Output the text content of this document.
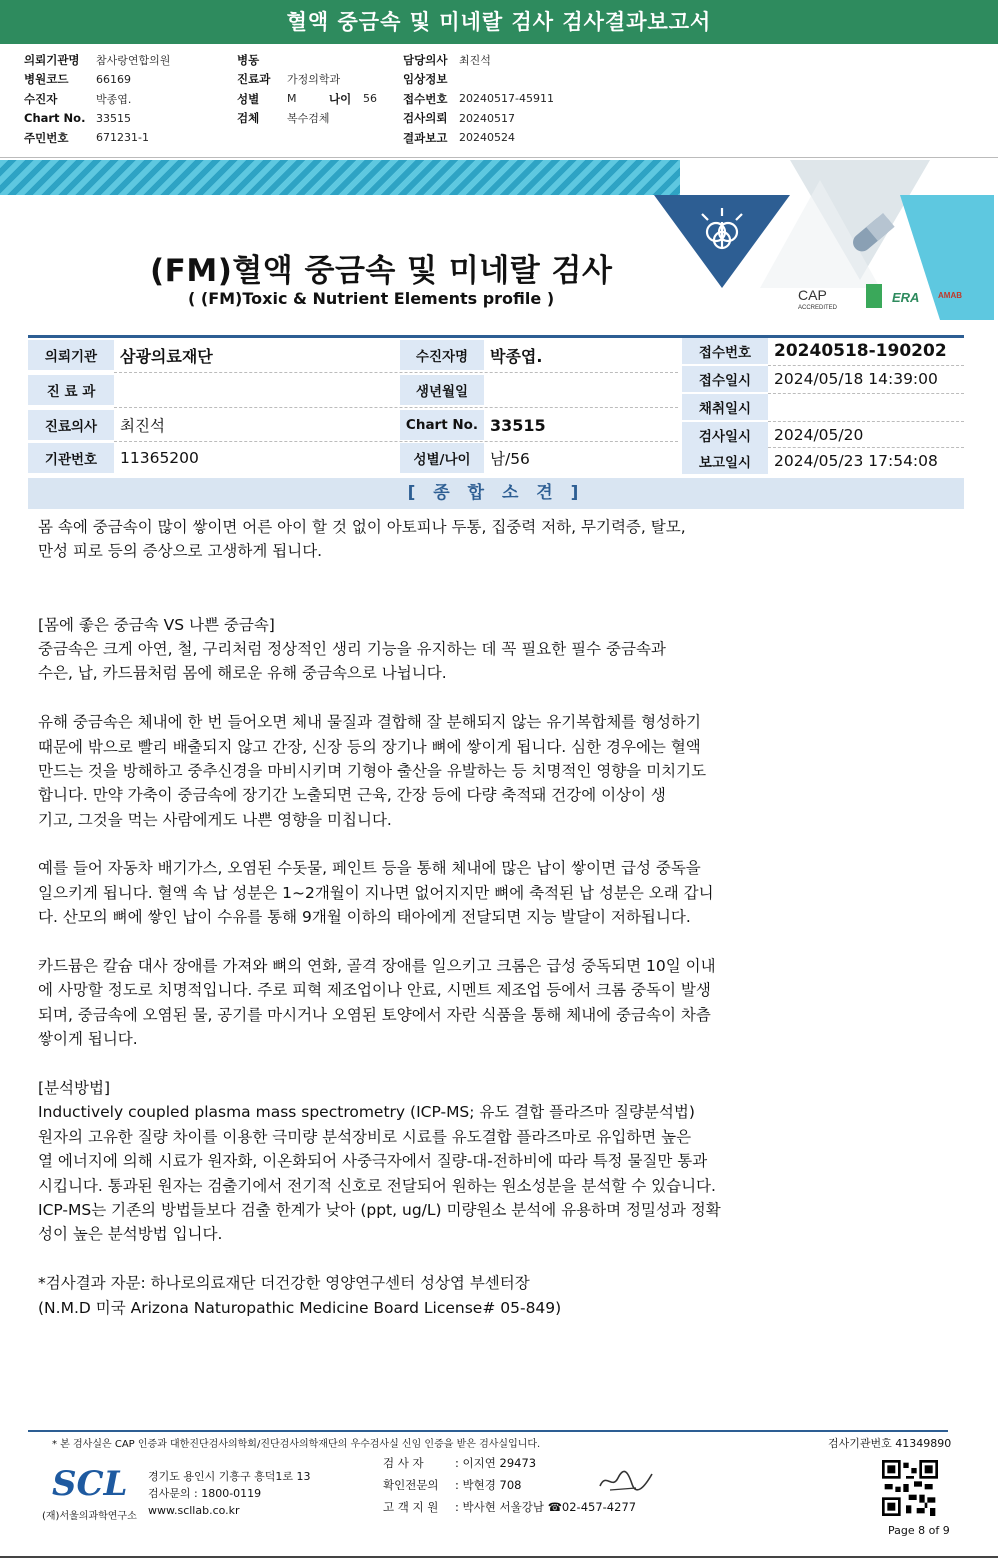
혈액 중금속 및 미네랄 검사 검사결과보고서
의뢰기관명	참사랑연합의원
병원코드	66169
수진자	박종엽.
Chart No. 33515
주민번호	671231-1
병동
진료과	가정의학과
성별	M	나이	56
검체	복수검체
담당의사	최진석
임상정보
접수번호	20240517-45911
검사의뢰	20240517
결과보고	20240524
CAP
ACCREDITED
ERA AMAB
(FM)혈액 중금속 및 미네랄 검사
( (FM)Toxic & Nutrient Elements profile )
의뢰기관	삼광의료재단
진 료 과
진료의사	최진석
기관번호	11365200
수진자명	박종엽.
생년월일
Chart No. 33515
성별/나이	남/56
접수번호	20240518-190202
접수일시	2024/05/18 14:39:00
채취일시
검사일시	2024/05/20
보고일시	2024/05/23 17:54:08
[ 종 합 소 견 ]
몸 속에 중금속이 많이 쌓이면 어른 아이 할 것 없이 아토피나 두통, 집중력 저하, 무기력증, 탈모,
만성 피로 등의 증상으로 고생하게 됩니다.
[몸에 좋은 중금속 VS 나쁜 중금속]
중금속은 크게 아연, 철, 구리처럼 정상적인 생리 기능을 유지하는 데 꼭 필요한 필수 중금속과
수은, 납, 카드뮴처럼 몸에 해로운 유해 중금속으로 나뉩니다.
유해 중금속은 체내에 한 번 들어오면 체내 물질과 결합해 잘 분해되지 않는 유기복합체를 형성하기
때문에 밖으로 빨리 배출되지 않고 간장, 신장 등의 장기나 뼈에 쌓이게 됩니다. 심한 경우에는 혈액
만드는 것을 방해하고 중추신경을 마비시키며 기형아 출산을 유발하는 등 치명적인 영향을 미치기도
합니다. 만약 가축이 중금속에 장기간 노출되면 근육, 간장 등에 다량 축적돼 건강에 이상이 생
기고, 그것을 먹는 사람에게도 나쁜 영향을 미칩니다.
예를 들어 자동차 배기가스, 오염된 수돗물, 페인트 등을 통해 체내에 많은 납이 쌓이면 급성 중독을
일으키게 됩니다. 혈액 속 납 성분은 1~2개월이 지나면 없어지지만 뼈에 축적된 납 성분은 오래 갑니
다. 산모의 뼈에 쌓인 납이 수유를 통해 9개월 이하의 태아에게 전달되면 지능 발달이 저하됩니다.
카드뮴은 칼슘 대사 장애를 가져와 뼈의 연화, 골격 장애를 일으키고 크롬은 급성 중독되면 10일 이내
에 사망할 정도로 치명적입니다. 주로 피혁 제조업이나 안료, 시멘트 제조업 등에서 크롬 중독이 발생
되며, 중금속에 오염된 물, 공기를 마시거나 오염된 토양에서 자란 식품을 통해 체내에 중금속이 차츰
쌓이게 됩니다.
[분석방법]
Inductively coupled plasma mass spectrometry (ICP-MS; 유도 결합 플라즈마 질량분석법)
원자의 고유한 질량 차이를 이용한 극미량 분석장비로 시료를 유도결합 플라즈마로 유입하면 높은
열 에너지에 의해 시료가 원자화, 이온화되어 사중극자에서 질량-대-전하비에 따라 특정 물질만 통과
시킵니다. 통과된 원자는 검출기에서 전기적 신호로 전달되어 원하는 원소성분을 분석할 수 있습니다.
ICP-MS는 기존의 방법들보다 검출 한계가 낮아 (ppt, ug/L) 미량원소 분석에 유용하며 정밀성과 정확
성이 높은 분석방법 입니다.
*검사결과 자문: 하나로의료재단 더건강한 영양연구센터 성상엽 부센터장
(N.M.D 미국 Arizona Naturopathic Medicine Board License# 05-849)
* 본 검사실은 CAP 인증과 대한진단검사의학회/진단검사의학재단의 우수검사실 신임 인증을 받은 검사실입니다.	검사기관번호 41349890
SCL
(재)서울의과학연구소
경기도 용인시 기흥구 흥덕1로 13
검사문의 : 1800-0119
www.scllab.co.kr
검 사 자	: 이지연 29473
확인전문의 : 박현경 708
고 객 지 원 : 박사현 서울강남 ☎02-457-4277
Page 8 of 9
